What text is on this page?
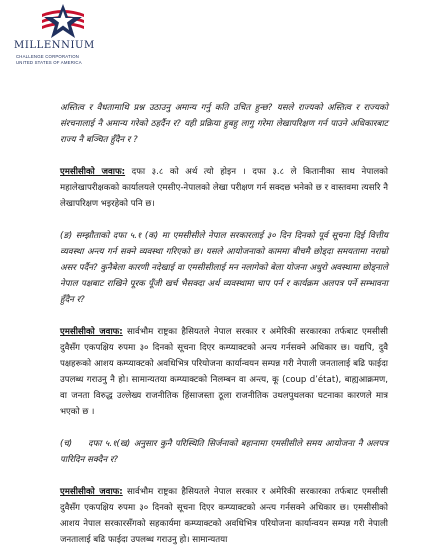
MILLENNIUM
CHALLENGE CORPORATION
UNITED STATES OF AMERICA

अस्तित्व र वैधतामाथि प्रश्न उठाउनु अमान्य गर्नु कति उचित हुन्छ? यसले राज्यको अस्तित्व र राज्यको संरचनालाई नै अमान्य गरेको ठहर्दैन र? यही प्रक्रिया हुबहु लागु गरेमा लेखापरिक्षण गर्न पाउने अधिकारबाट राज्य नै बञ्चित हुँदैन र ?

एमसीसीको जवाफ: दफा ३.८ को अर्थ त्यो होइन । दफा ३.८ ले कितानीका साथ नेपालको महालेखापरीक्षकको कार्यालयले एमसीए-नेपालको लेखा परीक्षण गर्न सक्दछ भनेको छ र वास्तवमा त्यसरि नै लेखापरिक्षण भइरहेको पनि छ।

(ङ) सम्झौताको दफा ५.१ (क) मा एमसीसीले नेपाल सरकारलाई ३० दिन दिनको पूर्व सूचना दिई वित्तीय व्यवस्था अन्त्य गर्न सक्ने व्यवस्था गरिएको छ। यसले आयोजनाको काममा बीचमै छोड्दा समयतामा नराम्रो असर पर्दैन? कुनैबेला कारणी नदेखाई वा एमसीसीलाई मन नलागेको बेला योजना अधुरो अवस्थामा छोड्नाले नेपाल पक्षबाट राखिने पूरक पूँजी खर्च भैसक्दा अर्थ व्यवस्थामा चाप पर्न र कार्यक्रम अलपत्र पर्ने सम्भावना हुँदैन र?

एमसीसीको जवाफ: सार्वभौम राष्ट्रका हैसियतले नेपाल सरकार र अमेरिकी सरकारका तर्फबाट एमसीसी दुवैसँग एकपक्षिय रुपमा ३० दिनको सूचना दिएर कम्प्याक्टको अन्त्य गर्नसक्ने अधिकार छ। यद्यपि, दुवै पक्षहरूको आशय कम्प्याक्टको अवधिभित्र परियोजना कार्यान्वयन सम्पन्न गरी नेपाली जनतालाई बढि फाईदा उपलब्ध गराउनु नै हो। सामान्यतया कम्प्याक्टको निलम्बन वा अन्त्य, कू (coup d’état), बाह्यआक्रमण, वा जनता विरुद्ध उल्लेख्य राजनीतिक हिंसाजस्ता ठूला राजनीतिक उथलपुथलका घटनाका कारणले मात्र भएको छ ।

(च) दफा ५.१(ख) अनुसार कुनै परिस्थिति सिर्जनाको बहानामा एमसीसीले समय आयोजना नै अलपत्र पारिदिन सक्दैन र?

एमसीसीको जवाफ: सार्वभौम राष्ट्रका हैसियतले नेपाल सरकार र अमेरिकी सरकारका तर्फबाट एमसीसी दुवैसँग एकपक्षिय रुपमा ३० दिनको सूचना दिएर कम्प्याक्टको अन्त्य गर्नसक्ने अधिकार छ। एमसीसीको आशय नेपाल सरकारसँगको सहकार्यमा कम्प्याक्टको अवधिभित्र परियोजना कार्यान्वयन सम्पन्न गरी नेपाली जनतालाई बढि फाईदा उपलब्ध गराउनु हो। सामान्यतया
